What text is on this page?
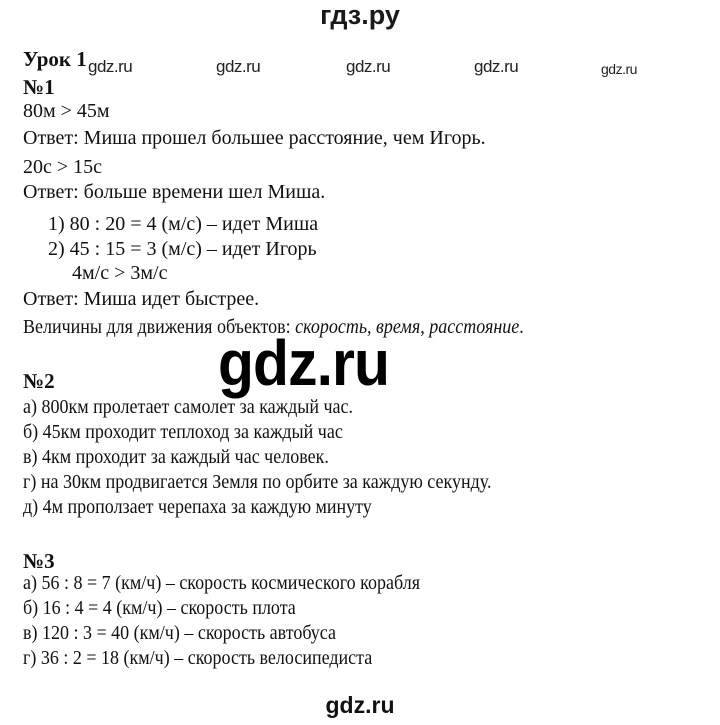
гдз.ру
Урок 1 gdz.ru	gdz.ru	gdz.ru	gdz.ru	gdz.ru
№1
80м > 45м
Ответ: Миша прошел большее расстояние, чем Игорь.
20с > 15с
Ответ: больше времени шел Миша.
1) 80 : 20 = 4 (м/с) – идет Миша
2) 45 : 15 = 3 (м/с) – идет Игорь
4м/с > 3м/с
Ответ: Миша идет быстрее.
Величины для движения объектов: скорость, время, расстояние.
gdz.ru
№2
а) 800км пролетает самолет за каждый час.
б) 45км проходит теплоход за каждый час
в) 4км проходит за каждый час человек.
г) на 30км продвигается Земля по орбите за каждую секунду.
д) 4м проползает черепаха за каждую минуту
№3
а) 56 : 8 = 7 (км/ч) – скорость космического корабля
б) 16 : 4 = 4 (км/ч) – скорость плота
в) 120 : 3 = 40 (км/ч) – скорость автобуса
г) 36 : 2 = 18 (км/ч) – скорость велосипедиста
gdz.ru
